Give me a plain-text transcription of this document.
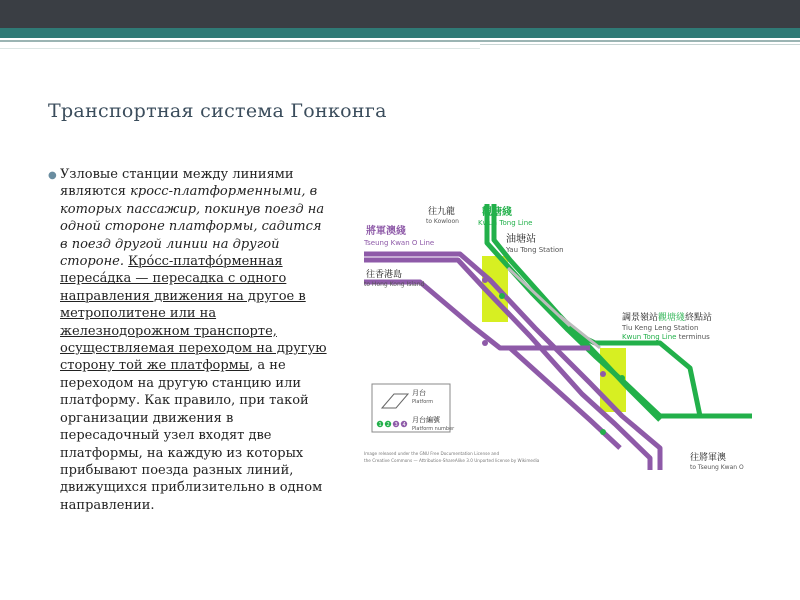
Транспортная система Гонконга
● Узловые станции между линиями являются кросс-платформенными, в которых пассажир, покинув поезд на одной стороне платформы, садится в поезд другой линии на другой стороне. Кро́сс-платфо́рменная переса́дка — пересадка с одного направления движения на другое в метрополитене или на железнодорожном транспорте, осуществляемая переходом на другую сторону той же платформы, а не переходом на другую станцию или платформу. Как правило, при такой организации движения в пересадочный узел входят две платформы, на каждую из которых прибывают поезда разных линий, движущихся приблизительно в одном направлении.

往九龍
to Kowloon
觀塘綫
Kwun Tong Line
將軍澳綫
Tseung Kwan O Line	油塘站
Yau Tong Station
往香港島
to Hong Kong Island
調景嶺站觀塘綫終點站
Tiu Keng Leng Station
Kwun Tong Line terminus
往將軍澳
to Tseung Kwan O
月台
Platform
1 2 3 4
月台編號
Platform number
Image released under the GNU Free Documentation License and
the Creative Commons — Attribution-ShareAlike 3.0 Unported license by Wikimedia
